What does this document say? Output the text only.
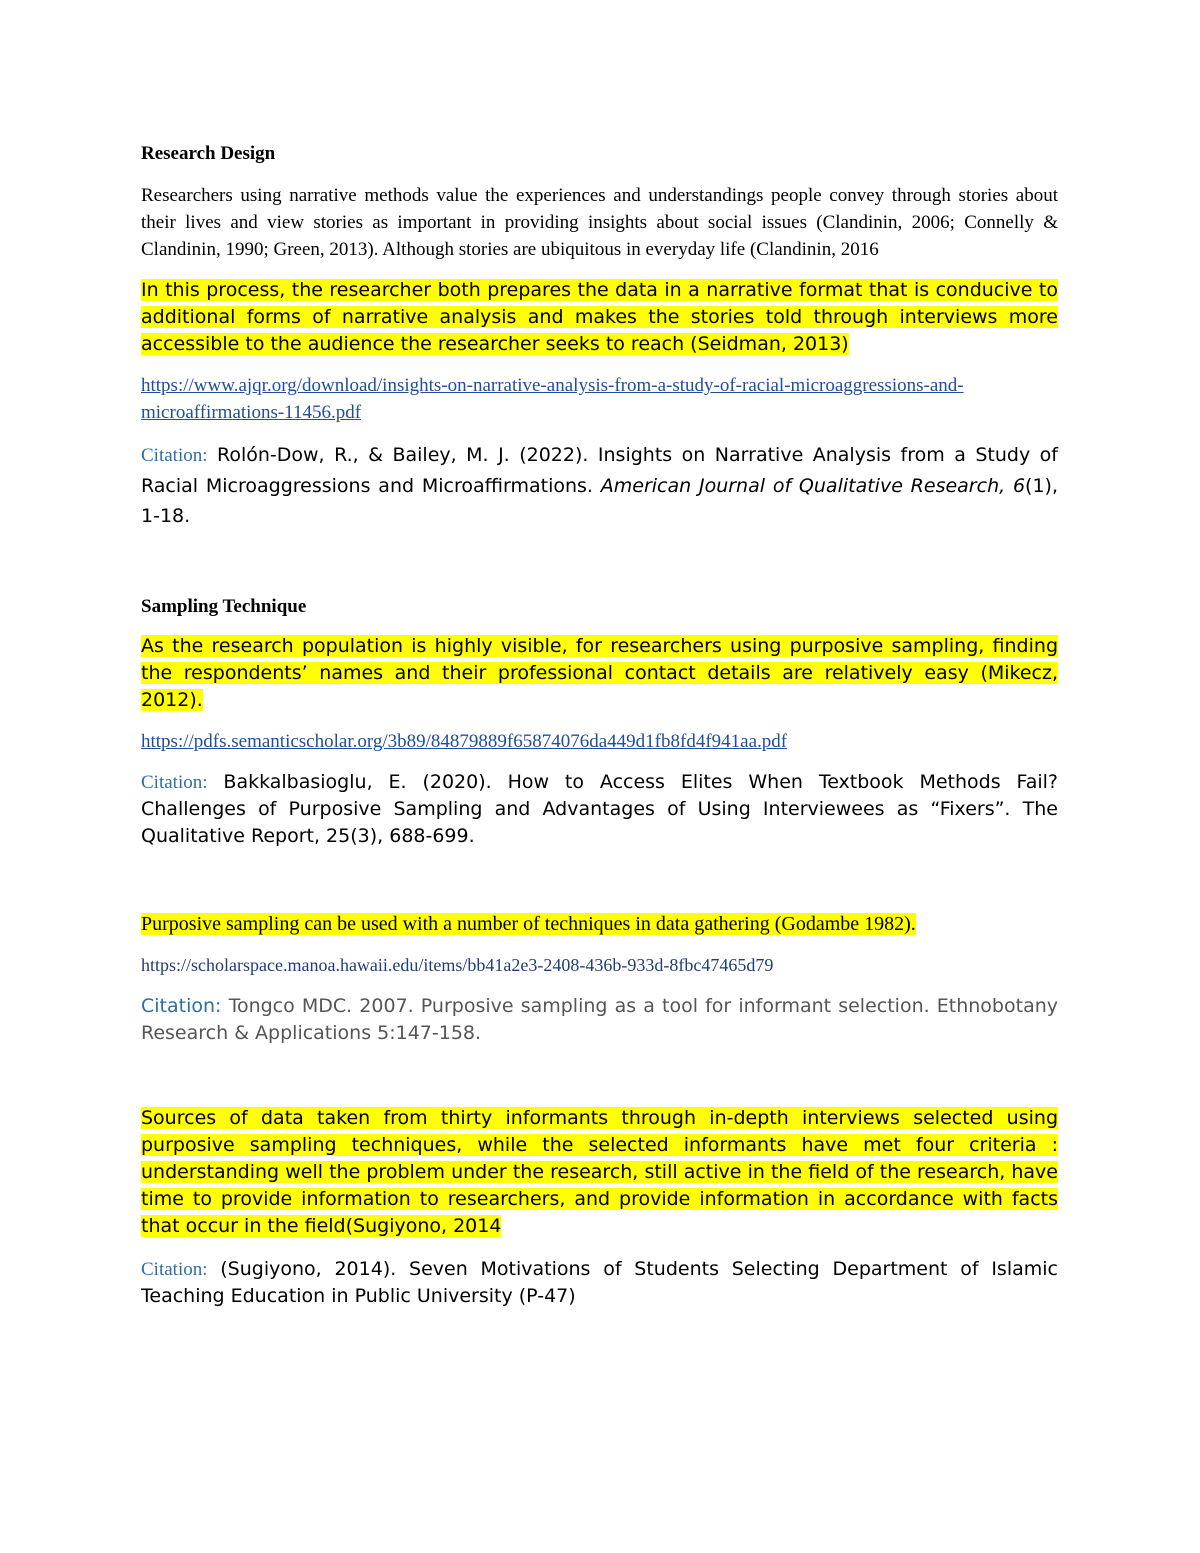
Research Design

Researchers using narrative methods value the experiences and understandings people convey through stories about their lives and view stories as important in providing insights about social issues (Clandinin, 2006; Connelly & Clandinin, 1990; Green, 2013). Although stories are ubiquitous in everyday life (Clandinin, 2016

In this process, the researcher both prepares the data in a narrative format that is conducive to additional forms of narrative analysis and makes the stories told through interviews more accessible to the audience the researcher seeks to reach (Seidman, 2013)

https://www.ajqr.org/download/insights-on-narrative-analysis-from-a-study-of-racial-microaggressions-and-microaffirmations-11456.pdf

Citation: Rolón-Dow, R., & Bailey, M. J. (2022). Insights on Narrative Analysis from a Study of Racial Microaggressions and Microaffirmations. American Journal of Qualitative Research, 6(1), 1-18.

Sampling Technique

As the research population is highly visible, for researchers using purposive sampling, finding the respondents’ names and their professional contact details are relatively easy (Mikecz, 2012).

https://pdfs.semanticscholar.org/3b89/84879889f65874076da449d1fb8fd4f941aa.pdf

Citation: Bakkalbasioglu, E. (2020). How to Access Elites When Textbook Methods Fail? Challenges of Purposive Sampling and Advantages of Using Interviewees as “Fixers”. The Qualitative Report, 25(3), 688-699.

Purposive sampling can be used with a number of techniques in data gathering (Godambe 1982).

https://scholarspace.manoa.hawaii.edu/items/bb41a2e3-2408-436b-933d-8fbc47465d79

Citation: Tongco MDC. 2007. Purposive sampling as a tool for informant selection. Ethnobotany Research & Applications 5:147-158.

Sources of data taken from thirty informants through in-depth interviews selected using purposive sampling techniques, while the selected informants have met four criteria : understanding well the problem under the research, still active in the field of the research, have time to provide information to researchers, and provide information in accordance with facts that occur in the field(Sugiyono, 2014

Citation: (Sugiyono, 2014). Seven Motivations of Students Selecting Department of Islamic Teaching Education in Public University (P-47)
